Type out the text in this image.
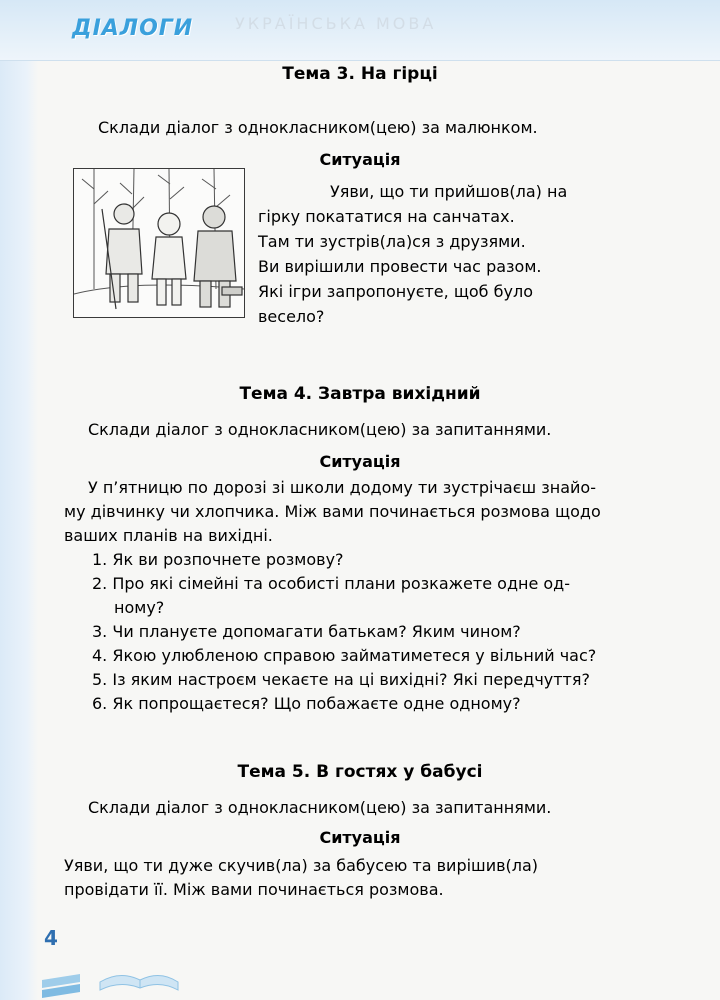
ДІАЛОГИ	УКРАЇНСЬКА МОВА
Тема 3. На гірці
Склади діалог з однокласником(цею) за малюнком.
Ситуація
Уяви, що ти прийшов(ла) на
гірку покататися на санчатах.
Там ти зустрів(ла)ся з друзями.
Ви вирішили провести час разом.
Які ігри запропонуєте, щоб було
весело?
Тема 4. Завтра вихідний
Склади діалог з однокласником(цею) за запитаннями.
Ситуація
У п’ятницю по дорозі зі школи додому ти зустрічаєш знайо-
му дівчинку чи хлопчика. Між вами починається розмова щодо
ваших планів на вихідні.
1. Як ви розпочнете розмову?
2. Про які сімейні та особисті плани розкажете одне од-
ному?
3. Чи плануєте допомагати батькам? Яким чином?
4. Якою улюбленою справою займатиметеся у вільний час?
5. Із яким настроєм чекаєте на ці вихідні? Які передчуття?
6. Як попрощаєтеся? Що побажаєте одне одному?
Тема 5. В гостях у бабусі
Склади діалог з однокласником(цею) за запитаннями.
Ситуація
Уяви, що ти дуже скучив(ла) за бабусею та вирішив(ла)
провідати її. Між вами починається розмова.
4
